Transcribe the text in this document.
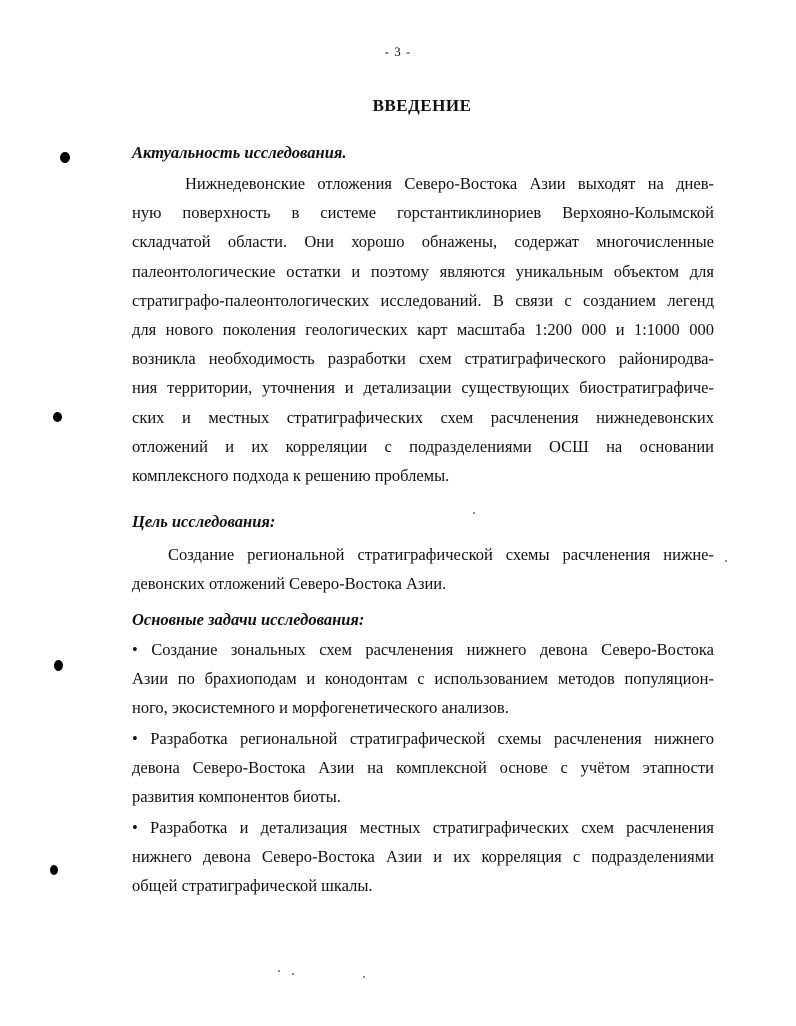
- 3 -
ВВЕДЕНИЕ
Актуальность исследования.
Нижнедевонские отложения Северо-Востока Азии выходят на днев-
ную поверхность в системе горстантиклинориев Верхояно-Колымской
складчатой области. Они хорошо обнажены, содержат многочисленные
палеонтологические остатки и поэтому являются уникальным объектом для
стратиграфо-палеонтологических исследований. В связи с созданием легенд
для нового поколения геологических карт масштаба 1:200 000 и 1:1000 000
возникла необходимость разработки схем стратиграфического райониродва-
ния территории, уточнения и детализации существующих биостратиграфиче-
ских и местных стратиграфических схем расчленения нижнедевонских
отложений и их корреляции с подразделениями ОСШ на основании
комплексного подхода к решению проблемы.
Цель исследования:
Создание региональной стратиграфической схемы расчленения нижне-
девонских отложений Северо-Востока Азии.
Основные задачи исследования:
• Создание зональных схем расчленения нижнего девона Северо-Востока
Азии по брахиоподам и конодонтам с использованием методов популяцион-
ного, экосистемного и морфогенетического анализов.
• Разработка региональной стратиграфической схемы расчленения нижнего
девона Северо-Востока Азии на комплексной основе с учётом этапности
развития компонентов биоты.
• Разработка и детализация местных стратиграфических схем расчленения
нижнего девона Северо-Востока Азии и их корреляция с подразделениями
общей стратиграфической шкалы.
